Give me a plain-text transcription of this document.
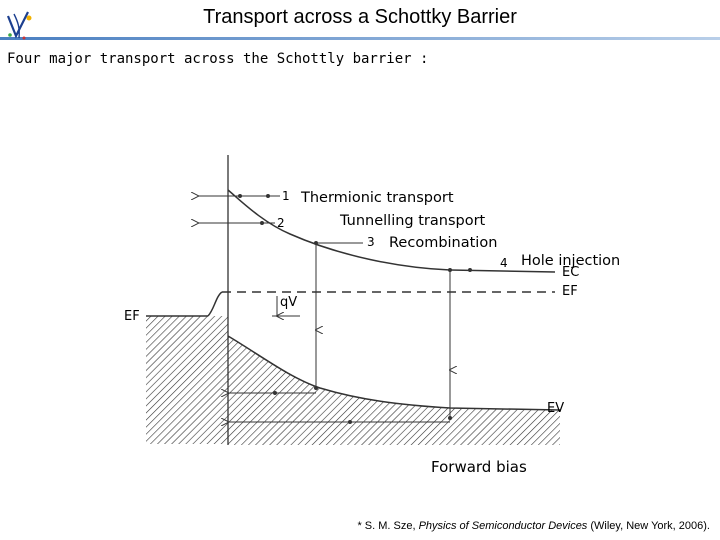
Transport across a Schottky Barrier
Four major transport across the Schottly barrier :
1 Thermionic transport
2	Tunnelling transport
3 Recombination
4 Hole injection
EC
EF
EF
EV
qV
Forward bias
* S. M. Sze, Physics of Semiconductor Devices (Wiley, New York, 2006).
